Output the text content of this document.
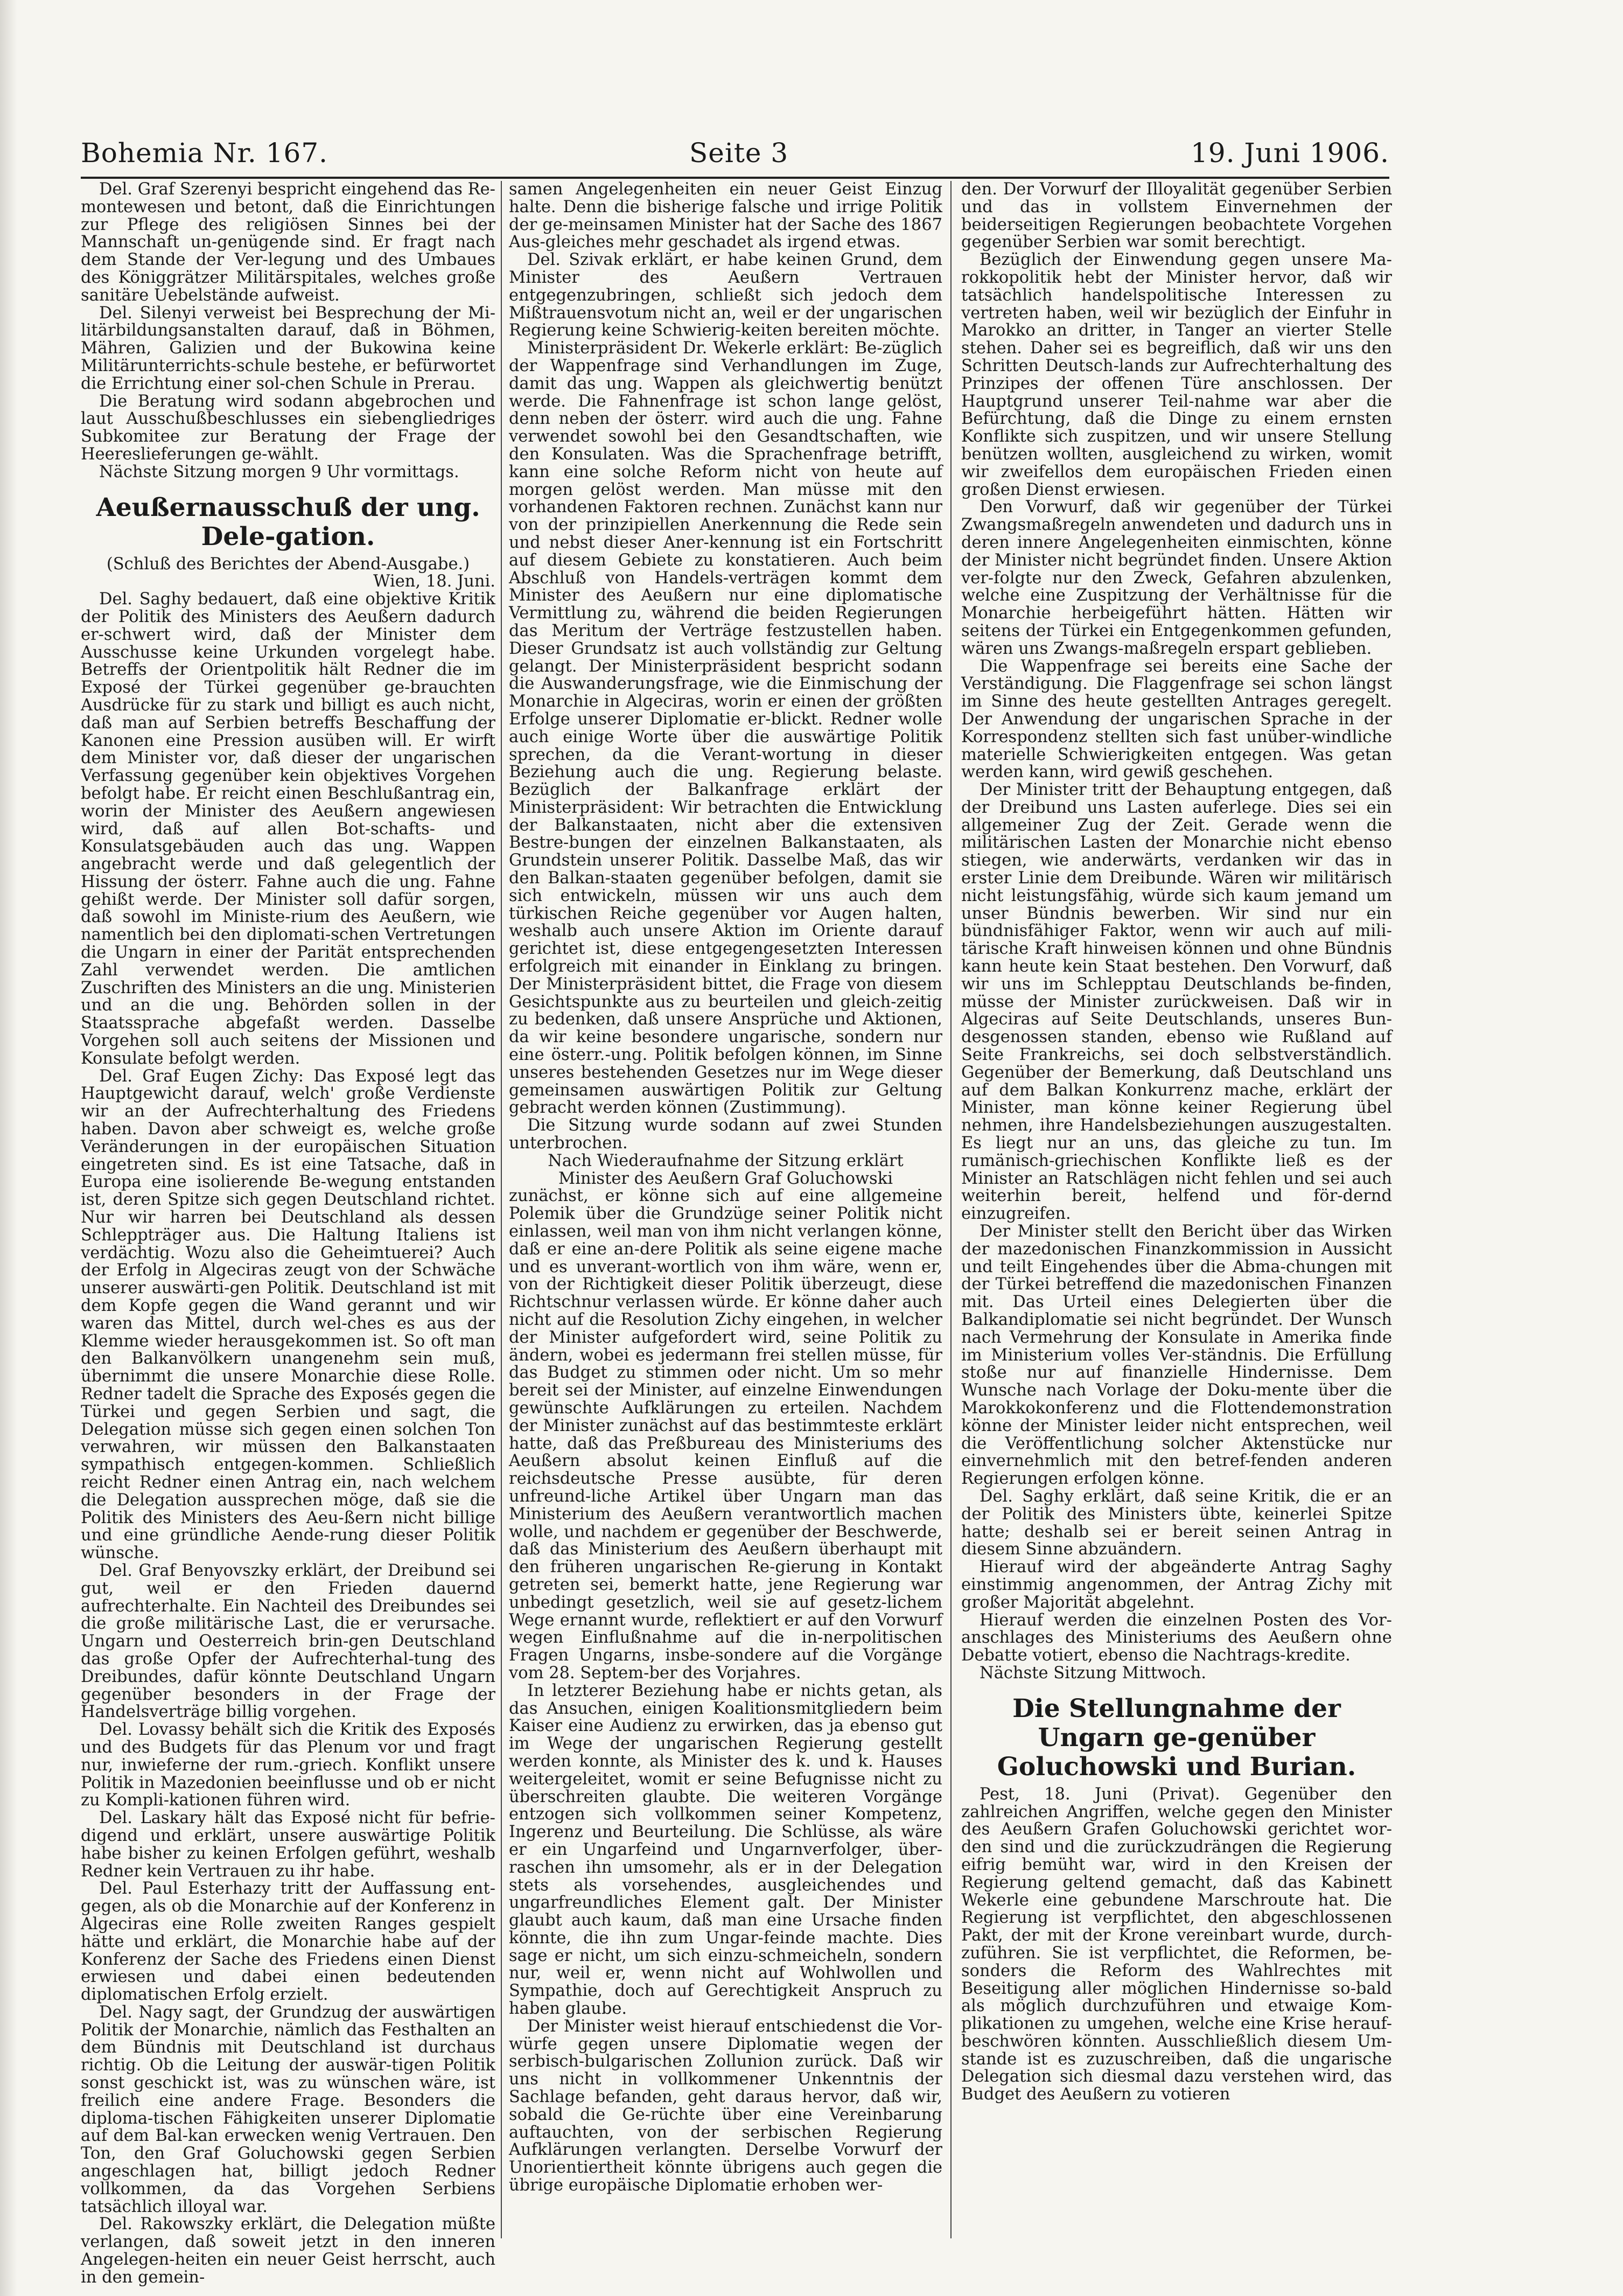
Bohemia Nr. 167.	Seite 3	19. Juni 1906.

Del. Graf Szerenyi bespricht eingehend das Re-montewesen und betont, daß die Einrichtungen zur Pflege des religiösen Sinnes bei der Mannschaft un-genügende sind. Er fragt nach dem Stande der Ver-legung und des Umbaues des Königgrätzer Militärspitales, welches große sanitäre Uebelstände aufweist.

Del. Silenyi verweist bei Besprechung der Mi-litärbildungsanstalten darauf, daß in Böhmen, Mähren, Galizien und der Bukowina keine Militärunterrichts-schule bestehe, er befürwortet die Errichtung einer sol-chen Schule in Prerau.

Die Beratung wird sodann abgebrochen und laut Ausschußbeschlusses ein siebengliedriges Subkomitee zur Beratung der Frage der Heereslieferungen ge-wählt.

Nächste Sitzung morgen 9 Uhr vormittags.

Aeußernausschuß der ung. Dele-gation.

(Schluß des Berichtes der Abend-Ausgabe.)

Wien, 18. Juni.

Del. Saghy bedauert, daß eine objektive Kritik der Politik des Ministers des Aeußern dadurch er-schwert wird, daß der Minister dem Ausschusse keine Urkunden vorgelegt habe. Betreffs der Orientpolitik hält Redner die im Exposé der Türkei gegenüber ge-brauchten Ausdrücke für zu stark und billigt es auch nicht, daß man auf Serbien betreffs Beschaffung der Kanonen eine Pression ausüben will. Er wirft dem Minister vor, daß dieser der ungarischen Verfassung gegenüber kein objektives Vorgehen befolgt habe. Er reicht einen Beschlußantrag ein, worin der Minister des Aeußern angewiesen wird, daß auf allen Bot-schafts- und Konsulatsgebäuden auch das ung. Wappen angebracht werde und daß gelegentlich der Hissung der österr. Fahne auch die ung. Fahne gehißt werde. Der Minister soll dafür sorgen, daß sowohl im Ministe-rium des Aeußern, wie namentlich bei den diplomati-schen Vertretungen die Ungarn in einer der Parität entsprechenden Zahl verwendet werden. Die amtlichen Zuschriften des Ministers an die ung. Ministerien und an die ung. Behörden sollen in der Staatssprache abgefaßt werden. Dasselbe Vorgehen soll auch seitens der Missionen und Konsulate befolgt werden.

Del. Graf Eugen Zichy: Das Exposé legt das Hauptgewicht darauf, welch' große Verdienste wir an der Aufrechterhaltung des Friedens haben. Davon aber schweigt es, welche große Veränderungen in der europäischen Situation eingetreten sind. Es ist eine Tatsache, daß in Europa eine isolierende Be-wegung entstanden ist, deren Spitze sich gegen Deutschland richtet. Nur wir harren bei Deutschland als dessen Schleppträger aus. Die Haltung Italiens ist verdächtig. Wozu also die Geheimtuerei? Auch der Erfolg in Algeciras zeugt von der Schwäche unserer auswärti-gen Politik. Deutschland ist mit dem Kopfe gegen die Wand gerannt und wir waren das Mittel, durch wel-ches es aus der Klemme wieder herausgekommen ist. So oft man den Balkanvölkern unangenehm sein muß, übernimmt die unsere Monarchie diese Rolle. Redner tadelt die Sprache des Exposés gegen die Türkei und gegen Serbien und sagt, die Delegation müsse sich gegen einen solchen Ton verwahren, wir müssen den Balkanstaaten sympathisch entgegen-kommen. Schließlich reicht Redner einen Antrag ein, nach welchem die Delegation aussprechen möge, daß sie die Politik des Ministers des Aeu-ßern nicht billige und eine gründliche Aende-rung dieser Politik wünsche.

Del. Graf Benyovszky erklärt, der Dreibund sei gut, weil er den Frieden dauernd aufrechterhalte. Ein Nachteil des Dreibundes sei die große militärische Last, die er verursache. Ungarn und Oesterreich brin-gen Deutschland das große Opfer der Aufrechterhal-tung des Dreibundes, dafür könnte Deutschland Ungarn gegenüber besonders in der Frage der Handelsverträge billig vorgehen.

Del. Lovassy behält sich die Kritik des Exposés und des Budgets für das Plenum vor und fragt nur, inwieferne der rum.-griech. Konflikt unsere Politik in Mazedonien beeinflusse und ob er nicht zu Kompli-kationen führen wird.

Del. Laskary hält das Exposé nicht für befrie-digend und erklärt, unsere auswärtige Politik habe bisher zu keinen Erfolgen geführt, weshalb Redner kein Vertrauen zu ihr habe.

Del. Paul Esterhazy tritt der Auffassung ent-gegen, als ob die Monarchie auf der Konferenz in Algeciras eine Rolle zweiten Ranges gespielt hätte und erklärt, die Monarchie habe auf der Konferenz der Sache des Friedens einen Dienst erwiesen und dabei einen bedeutenden diplomatischen Erfolg erzielt.

Del. Nagy sagt, der Grundzug der auswärtigen Politik der Monarchie, nämlich das Festhalten an dem Bündnis mit Deutschland ist durchaus richtig. Ob die Leitung der auswär-tigen Politik sonst geschickt ist, was zu wünschen wäre, ist freilich eine andere Frage. Besonders die diploma-tischen Fähigkeiten unserer Diplomatie auf dem Bal-kan erwecken wenig Vertrauen. Den Ton, den Graf Goluchowski gegen Serbien angeschlagen hat, billigt jedoch Redner vollkommen, da das Vorgehen Serbiens tatsächlich illoyal war.

Del. Rakowszky erklärt, die Delegation müßte verlangen, daß soweit jetzt in den inneren Angelegen-heiten ein neuer Geist herrscht, auch in den gemein-

samen Angelegenheiten ein neuer Geist Einzug halte. Denn die bisherige falsche und irrige Politik der ge-meinsamen Minister hat der Sache des 1867 Aus-gleiches mehr geschadet als irgend etwas.

Del. Szivak erklärt, er habe keinen Grund, dem Minister des Aeußern Vertrauen entgegenzubringen, schließt sich jedoch dem Mißtrauensvotum nicht an, weil er der ungarischen Regierung keine Schwierig-keiten bereiten möchte.

Ministerpräsident Dr. Wekerle erklärt: Be-züglich der Wappenfrage sind Verhandlungen im Zuge, damit das ung. Wappen als gleichwertig benützt werde. Die Fahnenfrage ist schon lange gelöst, denn neben der österr. wird auch die ung. Fahne verwendet sowohl bei den Gesandtschaften, wie den Konsulaten. Was die Sprachenfrage betrifft, kann eine solche Reform nicht von heute auf morgen gelöst werden. Man müsse mit den vorhandenen Faktoren rechnen. Zunächst kann nur von der prinzipiellen Anerkennung die Rede sein und nebst dieser Aner-kennung ist ein Fortschritt auf diesem Gebiete zu konstatieren. Auch beim Abschluß von Handels-verträgen kommt dem Minister des Aeußern nur eine diplomatische Vermittlung zu, während die beiden Regierungen das Meritum der Verträge festzustellen haben. Dieser Grundsatz ist auch vollständig zur Geltung gelangt. Der Ministerpräsident bespricht sodann die Auswanderungsfrage, wie die Einmischung der Monarchie in Algeciras, worin er einen der größten Erfolge unserer Diplomatie er-blickt. Redner wolle auch einige Worte über die auswärtige Politik sprechen, da die Verant-wortung in dieser Beziehung auch die ung. Regierung belaste. Bezüglich der Balkanfrage erklärt der Ministerpräsident: Wir betrachten die Entwicklung der Balkanstaaten, nicht aber die extensiven Bestre-bungen der einzelnen Balkanstaaten, als Grundstein unserer Politik. Dasselbe Maß, das wir den Balkan-staaten gegenüber befolgen, damit sie sich entwickeln, müssen wir uns auch dem türkischen Reiche gegenüber vor Augen halten, weshalb auch unsere Aktion im Oriente darauf gerichtet ist, diese entgegengesetzten Interessen erfolgreich mit einander in Einklang zu bringen. Der Ministerpräsident bittet, die Frage von diesem Gesichtspunkte aus zu beurteilen und gleich-zeitig zu bedenken, daß unsere Ansprüche und Aktionen, da wir keine besondere ungarische, sondern nur eine österr.-ung. Politik befolgen können, im Sinne unseres bestehenden Gesetzes nur im Wege dieser gemeinsamen auswärtigen Politik zur Geltung gebracht werden können (Zustimmung).

Die Sitzung wurde sodann auf zwei Stunden unterbrochen.

Nach Wiederaufnahme der Sitzung erklärt

Minister des Aeußern Graf Goluchowski

zunächst, er könne sich auf eine allgemeine Polemik über die Grundzüge seiner Politik nicht einlassen, weil man von ihm nicht verlangen könne, daß er eine an-dere Politik als seine eigene mache und es unverant-wortlich von ihm wäre, wenn er, von der Richtigkeit dieser Politik überzeugt, diese Richtschnur verlassen würde. Er könne daher auch nicht auf die Resolution Zichy eingehen, in welcher der Minister aufgefordert wird, seine Politik zu ändern, wobei es jedermann frei stellen müsse, für das Budget zu stimmen oder nicht. Um so mehr bereit sei der Minister, auf einzelne Einwendungen gewünschte Aufklärungen zu erteilen. Nachdem der Minister zunächst auf das bestimmteste erklärt hatte, daß das Preßbureau des Ministeriums des Aeußern absolut keinen Einfluß auf die reichsdeutsche Presse ausübte, für deren unfreund-liche Artikel über Ungarn man das Ministerium des Aeußern verantwortlich machen wolle, und nachdem er gegenüber der Beschwerde, daß das Ministerium des Aeußern überhaupt mit den früheren ungarischen Re-gierung in Kontakt getreten sei, bemerkt hatte, jene Regierung war unbedingt gesetzlich, weil sie auf gesetz-lichem Wege ernannt wurde, reflektiert er auf den Vorwurf wegen Einflußnahme auf die in-nerpolitischen Fragen Ungarns, insbe-sondere auf die Vorgänge vom 28. Septem-ber des Vorjahres.

In letzterer Beziehung habe er nichts getan, als das Ansuchen, einigen Koalitionsmitgliedern beim Kaiser eine Audienz zu erwirken, das ja ebenso gut im Wege der ungarischen Regierung gestellt werden konnte, als Minister des k. und k. Hauses weitergeleitet, womit er seine Befugnisse nicht zu überschreiten glaubte. Die weiteren Vorgänge entzogen sich vollkommen seiner Kompetenz, Ingerenz und Beurteilung. Die Schlüsse, als wäre er ein Ungarfeind und Ungarnverfolger, über-raschen ihn umsomehr, als er in der Delegation stets als vorsehendes, ausgleichendes und ungarfreundliches Element galt. Der Minister glaubt auch kaum, daß man eine Ursache finden könnte, die ihn zum Ungar-feinde machte. Dies sage er nicht, um sich einzu-schmeicheln, sondern nur, weil er, wenn nicht auf Wohlwollen und Sympathie, doch auf Gerechtigkeit Anspruch zu haben glaube.

Der Minister weist hierauf entschiedenst die Vor-würfe gegen unsere Diplomatie wegen der serbisch-bulgarischen Zollunion zurück. Daß wir uns nicht in vollkommener Unkenntnis der Sachlage befanden, geht daraus hervor, daß wir, sobald die Ge-rüchte über eine Vereinbarung auftauchten, von der serbischen Regierung Aufklärungen verlangten. Derselbe Vorwurf der Unorientiertheit könnte übrigens auch gegen die übrige europäische Diplomatie erhoben wer-

den. Der Vorwurf der Illoyalität gegenüber Serbien und das in vollstem Einvernehmen der beiderseitigen Regierungen beobachtete Vorgehen gegenüber Serbien war somit berechtigt.

Bezüglich der Einwendung gegen unsere Ma-rokkopolitik hebt der Minister hervor, daß wir tatsächlich handelspolitische Interessen zu vertreten haben, weil wir bezüglich der Einfuhr in Marokko an dritter, in Tanger an vierter Stelle stehen. Daher sei es begreiflich, daß wir uns den Schritten Deutsch-lands zur Aufrechterhaltung des Prinzipes der offenen Türe anschlossen. Der Hauptgrund unserer Teil-nahme war aber die Befürchtung, daß die Dinge zu einem ernsten Konflikte sich zuspitzen, und wir unsere Stellung benützen wollten, ausgleichend zu wirken, womit wir zweifellos dem europäischen Frieden einen großen Dienst erwiesen.

Den Vorwurf, daß wir gegenüber der Türkei Zwangsmaßregeln anwendeten und dadurch uns in deren innere Angelegenheiten einmischten, könne der Minister nicht begründet finden. Unsere Aktion ver-folgte nur den Zweck, Gefahren abzulenken, welche eine Zuspitzung der Verhältnisse für die Monarchie herbeigeführt hätten. Hätten wir seitens der Türkei ein Entgegenkommen gefunden, wären uns Zwangs-maßregeln erspart geblieben.

Die Wappenfrage sei bereits eine Sache der Verständigung. Die Flaggenfrage sei schon längst im Sinne des heute gestellten Antrages geregelt. Der Anwendung der ungarischen Sprache in der Korrespondenz stellten sich fast unüber-windliche materielle Schwierigkeiten entgegen. Was getan werden kann, wird gewiß geschehen.

Der Minister tritt der Behauptung entgegen, daß der Dreibund uns Lasten auferlege. Dies sei ein allgemeiner Zug der Zeit. Gerade wenn die militärischen Lasten der Monarchie nicht ebenso stiegen, wie anderwärts, verdanken wir das in erster Linie dem Dreibunde. Wären wir militärisch nicht leistungsfähig, würde sich kaum jemand um unser Bündnis bewerben. Wir sind nur ein bündnisfähiger Faktor, wenn wir auch auf mili-tärische Kraft hinweisen können und ohne Bündnis kann heute kein Staat bestehen. Den Vorwurf, daß wir uns im Schlepptau Deutschlands be-finden, müsse der Minister zurückweisen. Daß wir in Algeciras auf Seite Deutschlands, unseres Bun-desgenossen standen, ebenso wie Rußland auf Seite Frankreichs, sei doch selbstverständlich. Gegenüber der Bemerkung, daß Deutschland uns auf dem Balkan Konkurrenz mache, erklärt der Minister, man könne keiner Regierung übel nehmen, ihre Handelsbeziehungen auszugestalten. Es liegt nur an uns, das gleiche zu tun. Im rumänisch-griechischen Konflikte ließ es der Minister an Ratschlägen nicht fehlen und sei auch weiterhin bereit, helfend und för-dernd einzugreifen.

Der Minister stellt den Bericht über das Wirken der mazedonischen Finanzkommission in Aussicht und teilt Eingehendes über die Abma-chungen mit der Türkei betreffend die mazedonischen Finanzen mit. Das Urteil eines Delegierten über die Balkandiplomatie sei nicht begründet. Der Wunsch nach Vermehrung der Konsulate in Amerika finde im Ministerium volles Ver-ständnis. Die Erfüllung stoße nur auf finanzielle Hindernisse. Dem Wunsche nach Vorlage der Doku-mente über die Marokkokonferenz und die Flottendemonstration könne der Minister leider nicht entsprechen, weil die Veröffentlichung solcher Aktenstücke nur einvernehmlich mit den betref-fenden anderen Regierungen erfolgen könne.

Del. Saghy erklärt, daß seine Kritik, die er an der Politik des Ministers übte, keinerlei Spitze hatte; deshalb sei er bereit seinen Antrag in diesem Sinne abzuändern.

Hierauf wird der abgeänderte Antrag Saghy einstimmig angenommen, der Antrag Zichy mit großer Majorität abgelehnt.

Hierauf werden die einzelnen Posten des Vor-anschlages des Ministeriums des Aeußern ohne Debatte votiert, ebenso die Nachtrags-kredite.

Nächste Sitzung Mittwoch.

Die Stellungnahme der Ungarn ge-genüber Goluchowski und Burian.

Pest, 18. Juni (Privat). Gegenüber den zahlreichen Angriffen, welche gegen den Minister des Aeußern Grafen Goluchowski gerichtet wor-den sind und die zurückzudrängen die Regierung eifrig bemüht war, wird in den Kreisen der Regierung geltend gemacht, daß das Kabinett Wekerle eine gebundene Marschroute hat. Die Regierung ist verpflichtet, den abgeschlossenen Pakt, der mit der Krone vereinbart wurde, durch-zuführen. Sie ist verpflichtet, die Reformen, be-sonders die Reform des Wahlrechtes mit Beseitigung aller möglichen Hindernisse so-bald als möglich durchzuführen und etwaige Kom-plikationen zu umgehen, welche eine Krise herauf-beschwören könnten. Ausschließlich diesem Um-stande ist es zuzuschreiben, daß die ungarische Delegation sich diesmal dazu verstehen wird, das Budget des Aeußern zu votieren
